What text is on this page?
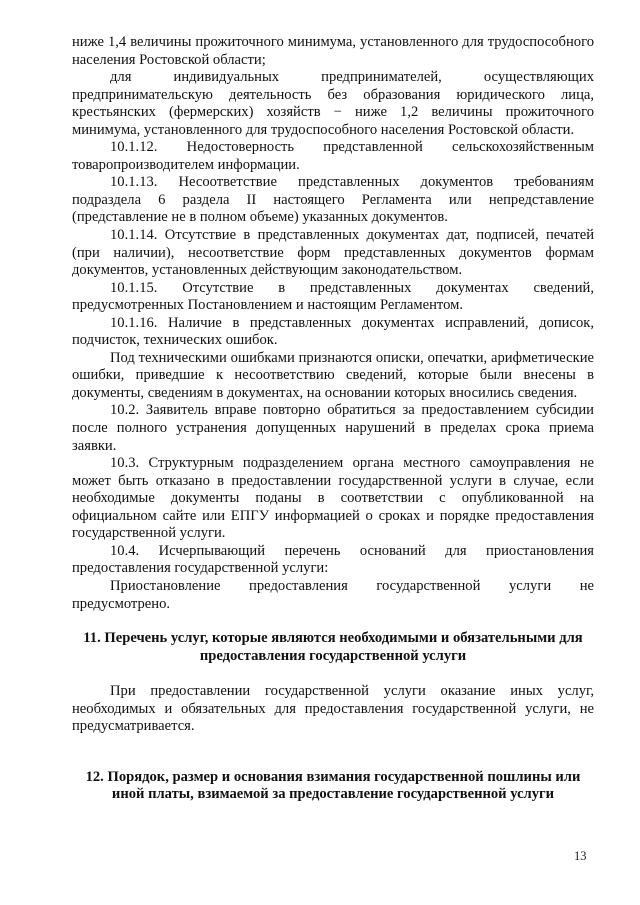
ниже 1,4 величины прожиточного минимума, установленного для трудоспособного населения Ростовской области;

для индивидуальных предпринимателей, осуществляющих предпринимательскую деятельность без образования юридического лица, крестьянских (фермерских) хозяйств − ниже 1,2 величины прожиточного минимума, установленного для трудоспособного населения Ростовской области.

10.1.12. Недостоверность представленной сельскохозяйственным товаропроизводителем информации.

10.1.13. Несоответствие представленных документов требованиям подраздела 6 раздела II настоящего Регламента или непредставление (представление не в полном объеме) указанных документов.

10.1.14. Отсутствие в представленных документах дат, подписей, печатей (при наличии), несоответствие форм представленных документов формам документов, установленных действующим законодательством.

10.1.15. Отсутствие в представленных документах сведений, предусмотренных Постановлением и настоящим Регламентом.

10.1.16. Наличие в представленных документах исправлений, дописок, подчисток, технических ошибок.

Под техническими ошибками признаются описки, опечатки, арифметические ошибки, приведшие к несоответствию сведений, которые были внесены в документы, сведениям в документах, на основании которых вносились сведения.

10.2. Заявитель вправе повторно обратиться за предоставлением субсидии после полного устранения допущенных нарушений в пределах срока приема заявки.

10.3. Структурным подразделением органа местного самоуправления не может быть отказано в предоставлении государственной услуги в случае, если необходимые документы поданы в соответствии с опубликованной на официальном сайте или ЕПГУ информацией о сроках и порядке предоставления государственной услуги.

10.4. Исчерпывающий перечень оснований для приостановления предоставления государственной услуги:

Приостановление предоставления государственной услуги не предусмотрено.

11. Перечень услуг, которые являются необходимыми и обязательными для предоставления государственной услуги

При предоставлении государственной услуги оказание иных услуг, необходимых и обязательных для предоставления государственной услуги, не предусматривается.

12. Порядок, размер и основания взимания государственной пошлины или иной платы, взимаемой за предоставление государственной услуги

13
